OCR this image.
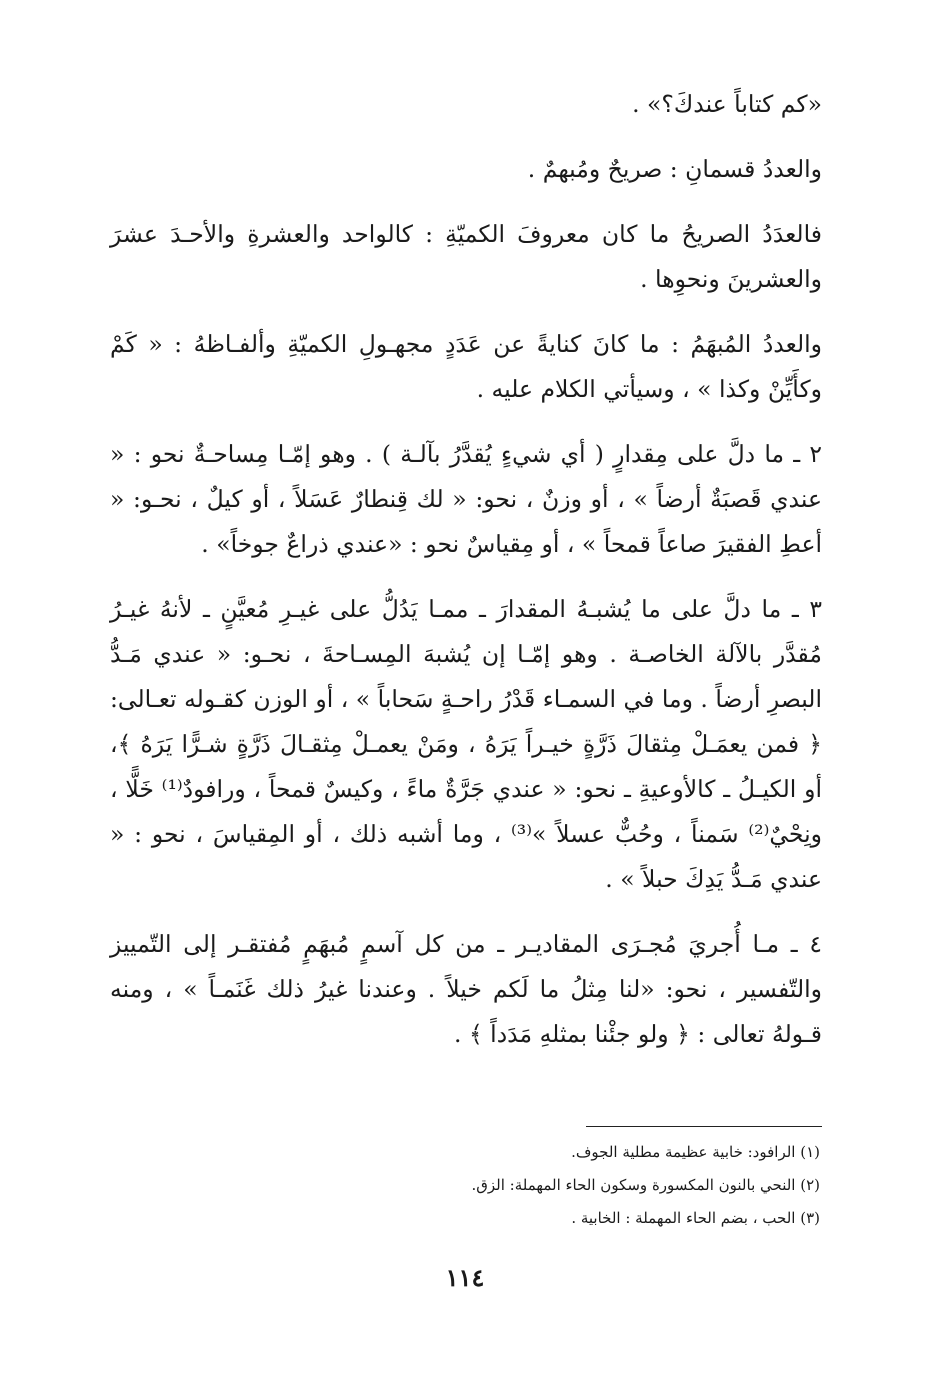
«كم كتاباً عندكَ؟» .

والعددُ قسمانِ : صريحٌ ومُبهمٌ .

فالعدَدُ الصريحُ ما كان معروفَ الكميّةِ : كالواحد والعشرةِ والأحـدَ عشرَ والعشرينَ ونحوِها .

والعددُ المُبهَمُ : ما كانَ كنايةً عن عَدَدٍ مجهـولِ الكميّةِ وألفـاظهُ : « كَمْ وكأَيِّنْ وكذا » ، وسيأتي الكلام عليه .

٢ ـ ما دلَّ على مِقدارٍ ( أي شيءٍ يُقدَّرُ بآلـة ) . وهو إمّـا مِساحـةٌ نحو : « عندي قَصبَةٌ أرضاً » ، أو وزنٌ ، نحو: « لك قِنطارٌ عَسَلاً ، أو كيلٌ ، نحـو: « أعطِ الفقيرَ صاعاً قمحاً » ، أو مِقياسٌ نحو : «عندي ذراعٌ جوخاً» .

٣ ـ ما دلَّ على ما يُشبـهُ المقدارَ ـ ممـا يَدُلُّ على غيـرِ مُعيَّنٍ ـ لأنهُ غيـرُ مُقدَّر بالآلة الخاصـة . وهو إمّـا إن يُشبهَ المِسـاحةَ ، نحـو: « عندي مَـدُّ البصرِ أرضاً . وما في السمـاء قَدْرُ راحـةٍ سَحاباً » ، أو الوزن كقـوله تعـالى: ﴿ فمن يعمَـلْ مِثقالَ ذَرَّةٍ خيـراً يَرَهُ ، ومَنْ يعمـلْ مِثقـالَ ذَرَّةٍ شـرًّا يَرَهُ ﴾، أو الكيـلُ ـ كالأوعيةِ ـ نحو: « عندي جَرَّةٌ ماءً ، وكيسٌ قمحاً ، ورافودٌ⁽¹⁾ خَلًّا ، ونِحْيٌ⁽²⁾ سَمناً ، وحُبٌّ عسلاً »⁽³⁾ ، وما أشبه ذلك ، أو المِقياسَ ، نحو : « عندي مَـدُّ يَدِكَ حبلاً » .

٤ ـ مـا أُجريَ مُجـرَى المقاديـر ـ من كل آسمٍ مُبهَمٍ مُفتقـر إلى التّمييز والتّفسير ، نحو: «لنا مِثلُ ما لَكم خيلاً . وعندنا غيرُ ذلك غَنَمـاً » ، ومنه قـولهُ تعالى : ﴿ ولو جئْنا بمثلهِ مَدَداً ﴾ .

(١) الرافود: خابية عظيمة مطلية الجوف.

(٢) النحي بالنون المكسورة وسكون الحاء المهملة: الزق.

(٣) الحب ، بضم الحاء المهملة : الخابية .

١١٤
